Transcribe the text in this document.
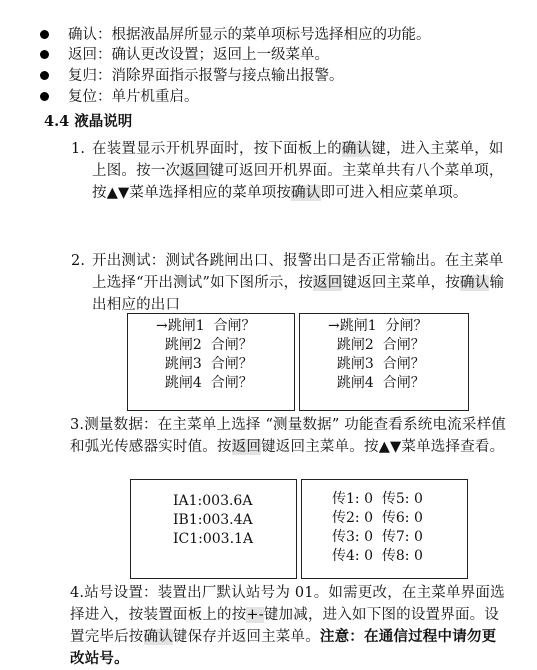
确认：根据液晶屏所显示的菜单项标号选择相应的功能。
返回：确认更改设置；返回上一级菜单。
复归：消除界面指示报警与接点输出报警。
复位：单片机重启。
4.4 液晶说明
1. 在装置显示开机界面时，按下面板上的确认键，进入主菜单，如上图。按一次返回键可返回开机界面。主菜单共有八个菜单项，按▲▼菜单选择相应的菜单项按确认即可进入相应菜单项。
2. 开出测试：测试各跳闸出口、报警出口是否正常输出。在主菜单上选择“开出测试”如下图所示，按返回键返回主菜单，按确认输出相应的出口
→跳闸1  合闸？
跳闸2  合闸？
跳闸3  合闸？
跳闸4  合闸？
→跳闸1  分闸？
跳闸2  合闸？
跳闸3  合闸？
跳闸4  合闸？
3.测量数据：在主菜单上选择 “测量数据” 功能查看系统电流采样值和弧光传感器实时值。按返回键返回主菜单。按▲▼菜单选择查看。
IA1:003.6A
IB1:003.4A
IC1:003.1A
传1: 0  传5: 0
传2: 0  传6: 0
传3: 0  传7: 0
传4: 0  传8: 0
4.站号设置：装置出厂默认站号为 01。如需更改，在主菜单界面选择进入，按装置面板上的按+-键加减，进入如下图的设置界面。设置完毕后按确认键保存并返回主菜单。注意：在通信过程中请勿更改站号。
